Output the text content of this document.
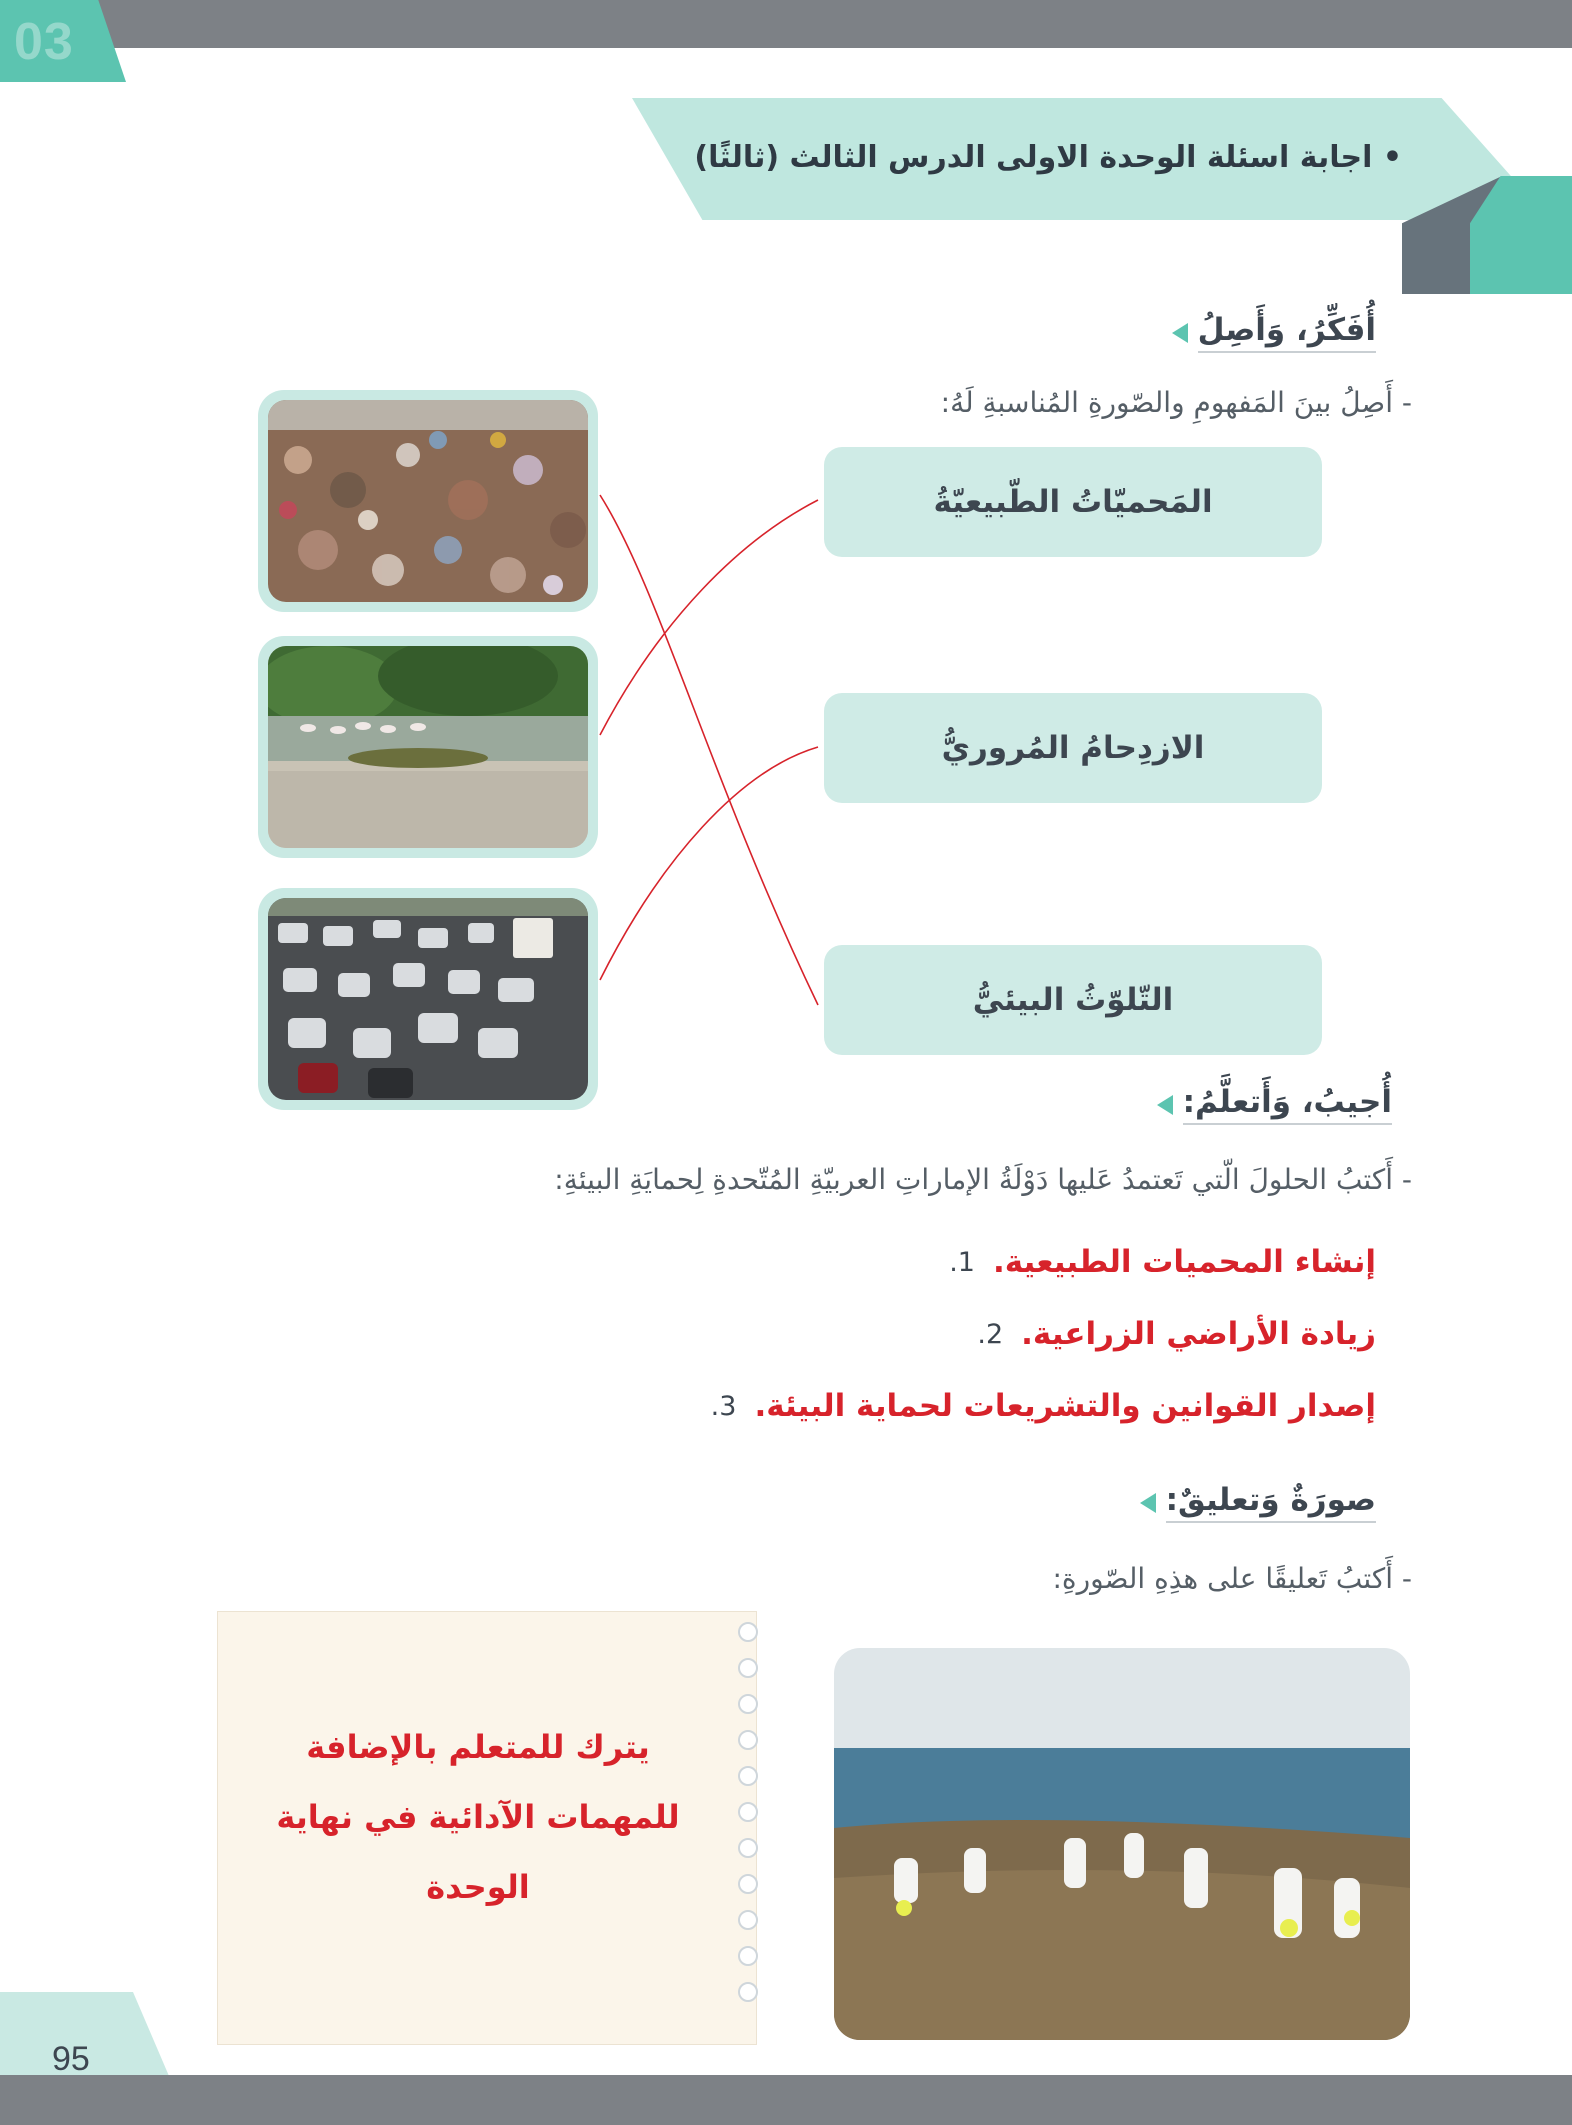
03
• اجابة اسئلة الوحدة الاولى الدرس الثالث (ثالثًا)
أُفَكِّرُ، وَأَصِلُ
- أَصِلُ بينَ المَفهومِ والصّورةِ المُناسبةِ لَهُ:
المَحميّاتُ الطّبيعيّةُ
الازدِحامُ المُروريُّ
التّلوّثُ البيئيُّ
أُجيبُ، وَأَتعلَّمُ:
- أَكتبُ الحلولَ الّتي تَعتمدُ عَليها دَوْلَةُ الإماراتِ العربيّةِ المُتّحدةِ لِحمايَةِ البيئةِ:
1. إنشاء المحميات الطبيعية.
2. زيادة الأراضي الزراعية.
3. إصدار القوانين والتشريعات لحماية البيئة.
صورَةٌ وَتعليقٌ:
- أَكتبُ تَعليقًا على هذِهِ الصّورةِ:
يترك للمتعلم بالإضافة للمهمات الآدائية في نهاية الوحدة
95
